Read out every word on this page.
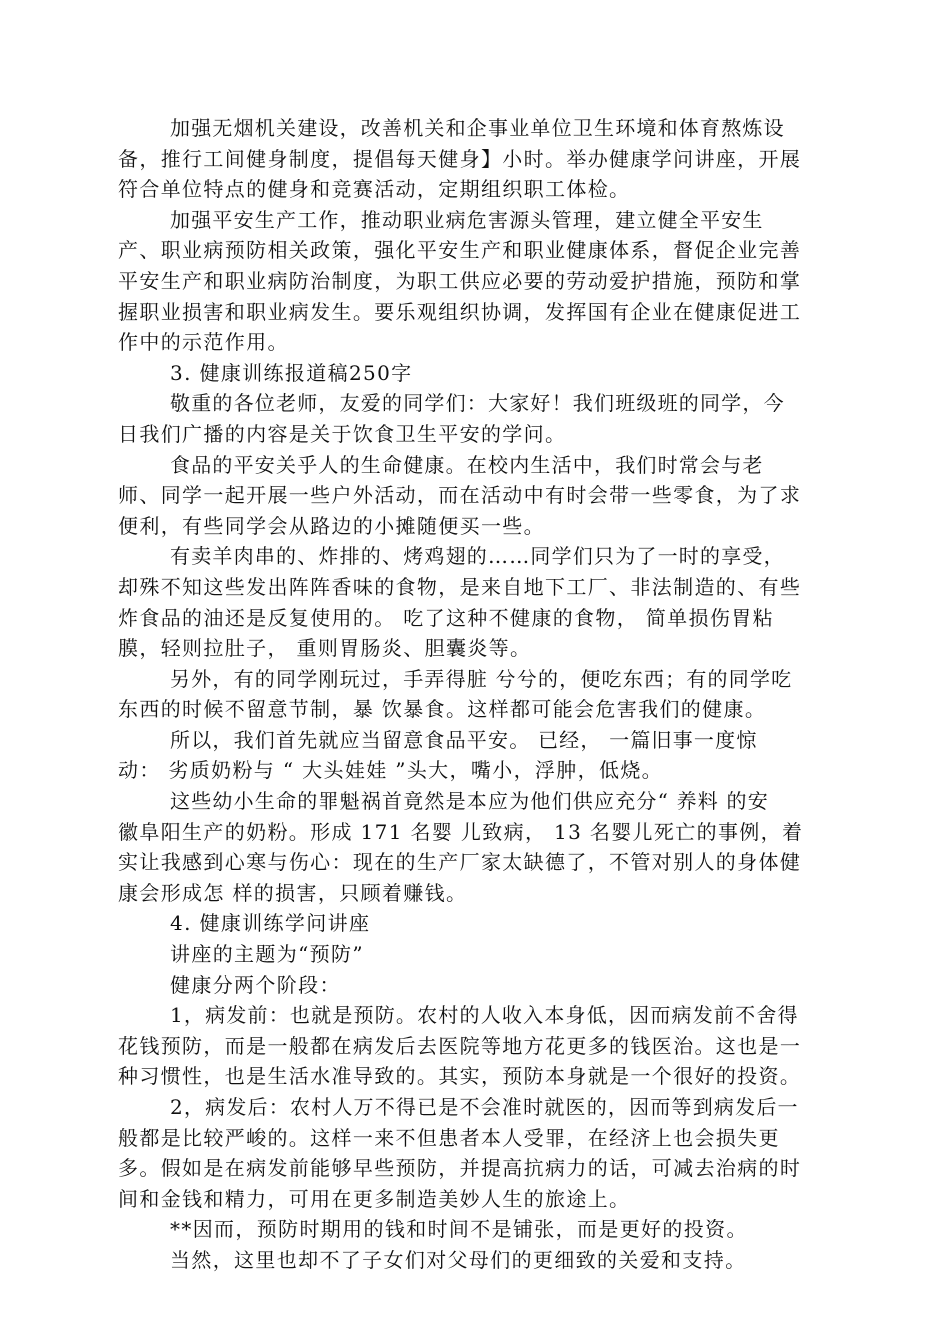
加强无烟机关建设，改善机关和企事业单位卫生环境和体育熬炼设
备，推行工间健身制度，提倡每天健身】小时。举办健康学问讲座，开展
符合单位特点的健身和竞赛活动，定期组织职工体检。
加强平安生产工作，推动职业病危害源头管理，建立健全平安生
产、职业病预防相关政策，强化平安生产和职业健康体系，督促企业完善
平安生产和职业病防治制度，为职工供应必要的劳动爱护措施，预防和掌
握职业损害和职业病发生。要乐观组织协调，发挥国有企业在健康促进工
作中的示范作用。
3. 健康训练报道稿250字
敬重的各位老师，友爱的同学们：大家好！我们班级班的同学，今
日我们广播的内容是关于饮食卫生平安的学问。
食品的平安关乎人的生命健康。在校内生活中，我们时常会与老
师、同学一起开展一些户外活动，而在活动中有时会带一些零食，为了求
便利，有些同学会从路边的小摊随便买一些。
有卖羊肉串的、炸排的、烤鸡翅的……同学们只为了一时的享受，
却殊不知这些发出阵阵香味的食物，是来自地下工厂、非法制造的、有些
炸食品的油还是反复使用的。 吃了这种不健康的食物， 简单损伤胃粘
膜，轻则拉肚子， 重则胃肠炎、胆囊炎等。
另外，有的同学刚玩过，手弄得脏 兮兮的，便吃东西；有的同学吃
东西的时候不留意节制，暴 饮暴食。这样都可能会危害我们的健康。
所以，我们首先就应当留意食品平安。 已经， 一篇旧事一度惊
动： 劣质奶粉与 “ 大头娃娃 ”头大，嘴小，浮肿，低烧。
这些幼小生命的罪魁祸首竟然是本应为他们供应充分“ 养料 的安
徽阜阳生产的奶粉。形成 171 名婴 儿致病， 13 名婴儿死亡的事例，着
实让我感到心寒与伤心：现在的生产厂家太缺德了，不管对别人的身体健
康会形成怎 样的损害，只顾着赚钱。
4. 健康训练学问讲座
讲座的主题为“预防”
健康分两个阶段：
1，病发前：也就是预防。农村的人收入本身低，因而病发前不舍得
花钱预防，而是一般都在病发后去医院等地方花更多的钱医治。这也是一
种习惯性，也是生活水准导致的。其实，预防本身就是一个很好的投资。
2，病发后：农村人万不得已是不会准时就医的，因而等到病发后一
般都是比较严峻的。这样一来不但患者本人受罪，在经济上也会损失更
多。假如是在病发前能够早些预防，并提高抗病力的话，可减去治病的时
间和金钱和精力，可用在更多制造美妙人生的旅途上。
**因而，预防时期用的钱和时间不是铺张，而是更好的投资。
当然，这里也却不了子女们对父母们的更细致的关爱和支持。
